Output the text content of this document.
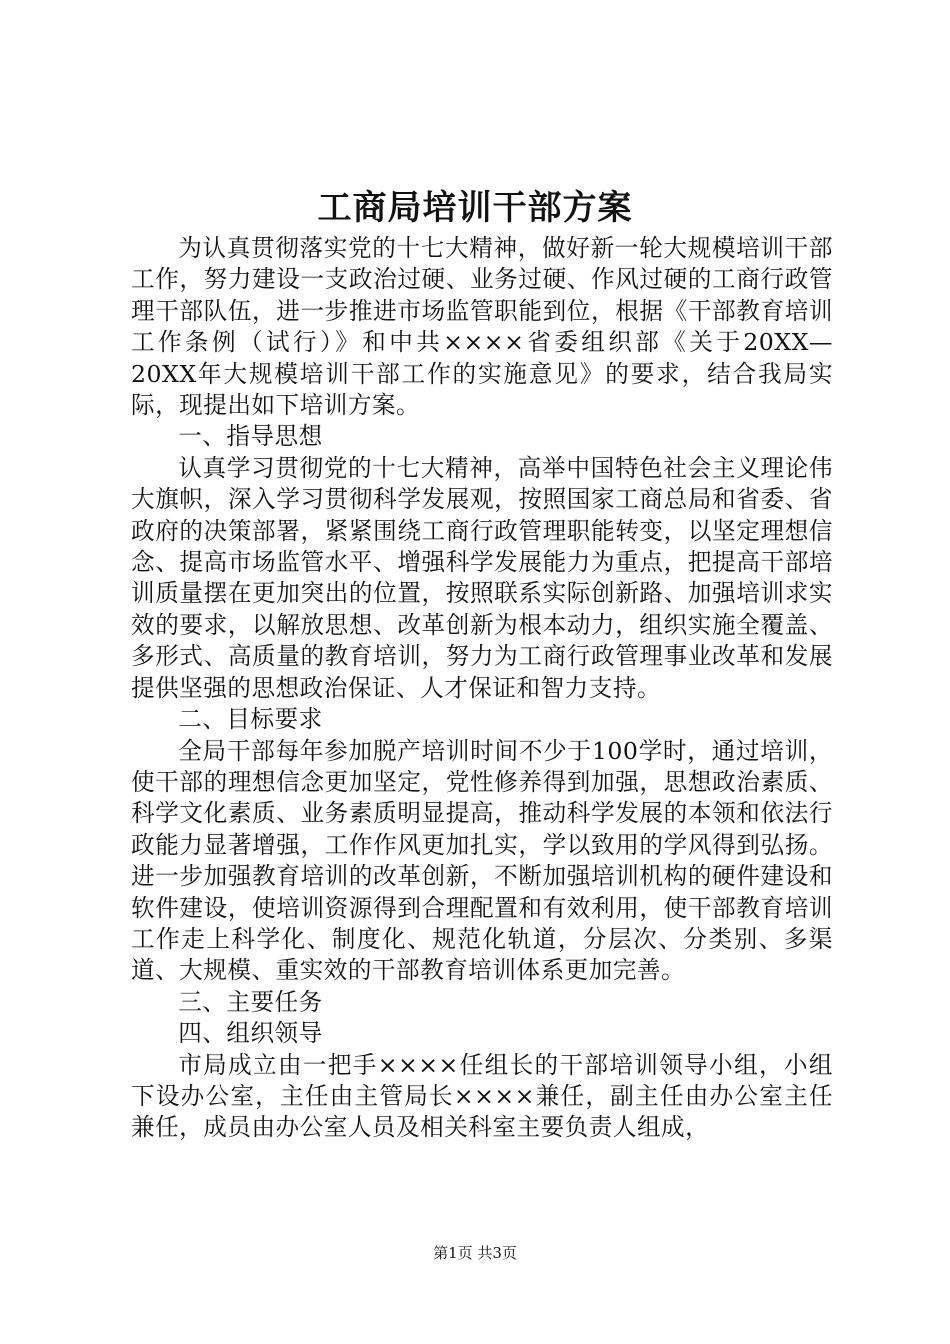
工商局培训干部方案

为认真贯彻落实党的十七大精神，做好新一轮大规模培训干部工作，努力建设一支政治过硬、业务过硬、作风过硬的工商行政管理干部队伍，进一步推进市场监管职能到位，根据《干部教育培训工作条例（试行）》和中共××××省委组织部《关于20XX—20XX年大规模培训干部工作的实施意见》的要求，结合我局实际，现提出如下培训方案。

一、指导思想

认真学习贯彻党的十七大精神，高举中国特色社会主义理论伟大旗帜，深入学习贯彻科学发展观，按照国家工商总局和省委、省政府的决策部署，紧紧围绕工商行政管理职能转变，以坚定理想信念、提高市场监管水平、增强科学发展能力为重点，把提高干部培训质量摆在更加突出的位置，按照联系实际创新路、加强培训求实效的要求，以解放思想、改革创新为根本动力，组织实施全覆盖、多形式、高质量的教育培训，努力为工商行政管理事业改革和发展提供坚强的思想政治保证、人才保证和智力支持。

二、目标要求

全局干部每年参加脱产培训时间不少于100学时，通过培训，使干部的理想信念更加坚定，党性修养得到加强，思想政治素质、科学文化素质、业务素质明显提高，推动科学发展的本领和依法行政能力显著增强，工作作风更加扎实，学以致用的学风得到弘扬。进一步加强教育培训的改革创新，不断加强培训机构的硬件建设和软件建设，使培训资源得到合理配置和有效利用，使干部教育培训工作走上科学化、制度化、规范化轨道，分层次、分类别、多渠道、大规模、重实效的干部教育培训体系更加完善。

三、主要任务

四、组织领导

市局成立由一把手××××任组长的干部培训领导小组，小组下设办公室，主任由主管局长××××兼任，副主任由办公室主任兼任，成员由办公室人员及相关科室主要负责人组成，

第1页 共3页
